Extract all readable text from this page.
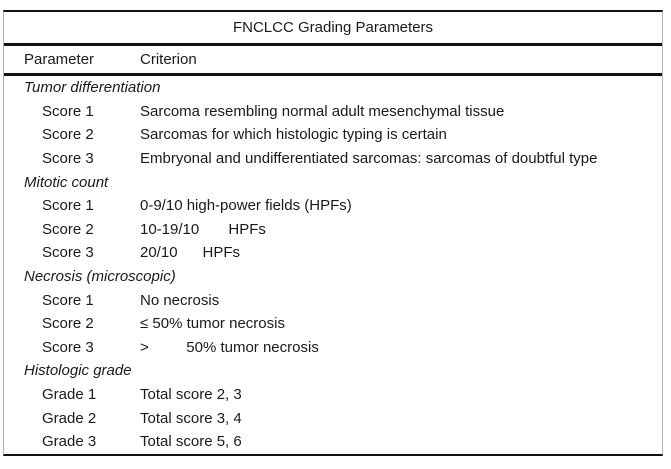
FNCLCC Grading Parameters
Parameter	Criterion
Tumor differentiation
Score 1	Sarcoma resembling normal adult mesenchymal tissue
Score 2	Sarcomas for which histologic typing is certain
Score 3	Embryonal and undifferentiated sarcomas: sarcomas of doubtful type
Mitotic count
Score 1	0-9/10 high-power fields (HPFs)
Score 2	10-19/10       HPFs
Score 3	20/10      HPFs
Necrosis (microscopic)
Score 1	No necrosis
Score 2	≤ 50% tumor necrosis
Score 3	>         50% tumor necrosis
Histologic grade
Grade 1	Total score 2, 3
Grade 2	Total score 3, 4
Grade 3	Total score 5, 6
